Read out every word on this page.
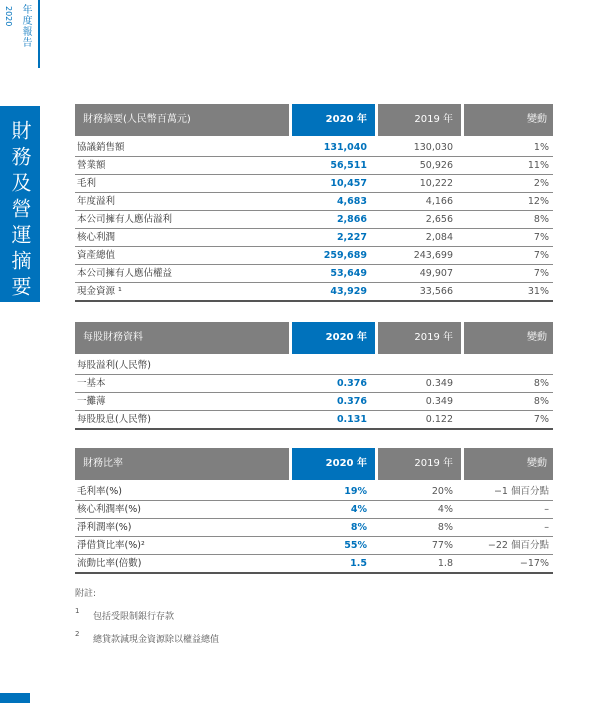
2020 年度報告
財務及營運摘要
財務摘要(人民幣百萬元)	2020 年	2019 年	變動
協議銷售額	131,040	130,030	1%
營業額	56,511	50,926	11%
毛利	10,457	10,222	2%
年度溢利	4,683	4,166	12%
本公司擁有人應佔溢利	2,866	2,656	8%
核心利潤	2,227	2,084	7%
資產總值	259,689	243,699	7%
本公司擁有人應佔權益	53,649	49,907	7%
現金資源 ¹	43,929	33,566	31%
每股財務資料	2020 年	2019 年	變動
每股溢利(人民幣)
一基本	0.376	0.349	8%
一攤薄	0.376	0.349	8%
每股股息(人民幣)	0.131	0.122	7%
財務比率	2020 年	2019 年	變動
毛利率(%)	19%	20%	−1 個百分點
核心利潤率(%)	4%	4%	–
淨利潤率(%)	8%	8%	–
淨借貸比率(%)²	55%	77%	−22 個百分點
流動比率(倍數)	1.5	1.8	−17%
附註:
1
包括受限制銀行存款
2
總貸款減現金資源除以權益總值
